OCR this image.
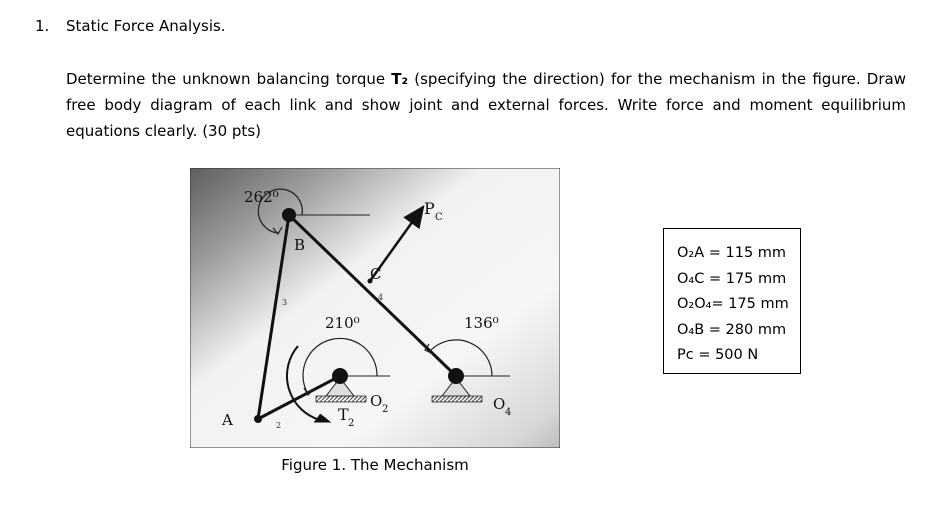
1. Static Force Analysis.
Determine the unknown balancing torque T₂ (specifying the direction) for the mechanism in the figure. Draw free body diagram of each link and show joint and external forces. Write force and moment equilibrium equations clearly. (30 pts)
262⁰
B
C
P C
210⁰	136⁰
A	T 2
O 2	O 4
2
3
4
Figure 1. The Mechanism
O₂A = 115 mm
O₄C = 175 mm
O₂O₄= 175 mm
O₄B = 280 mm
Pc = 500 N
